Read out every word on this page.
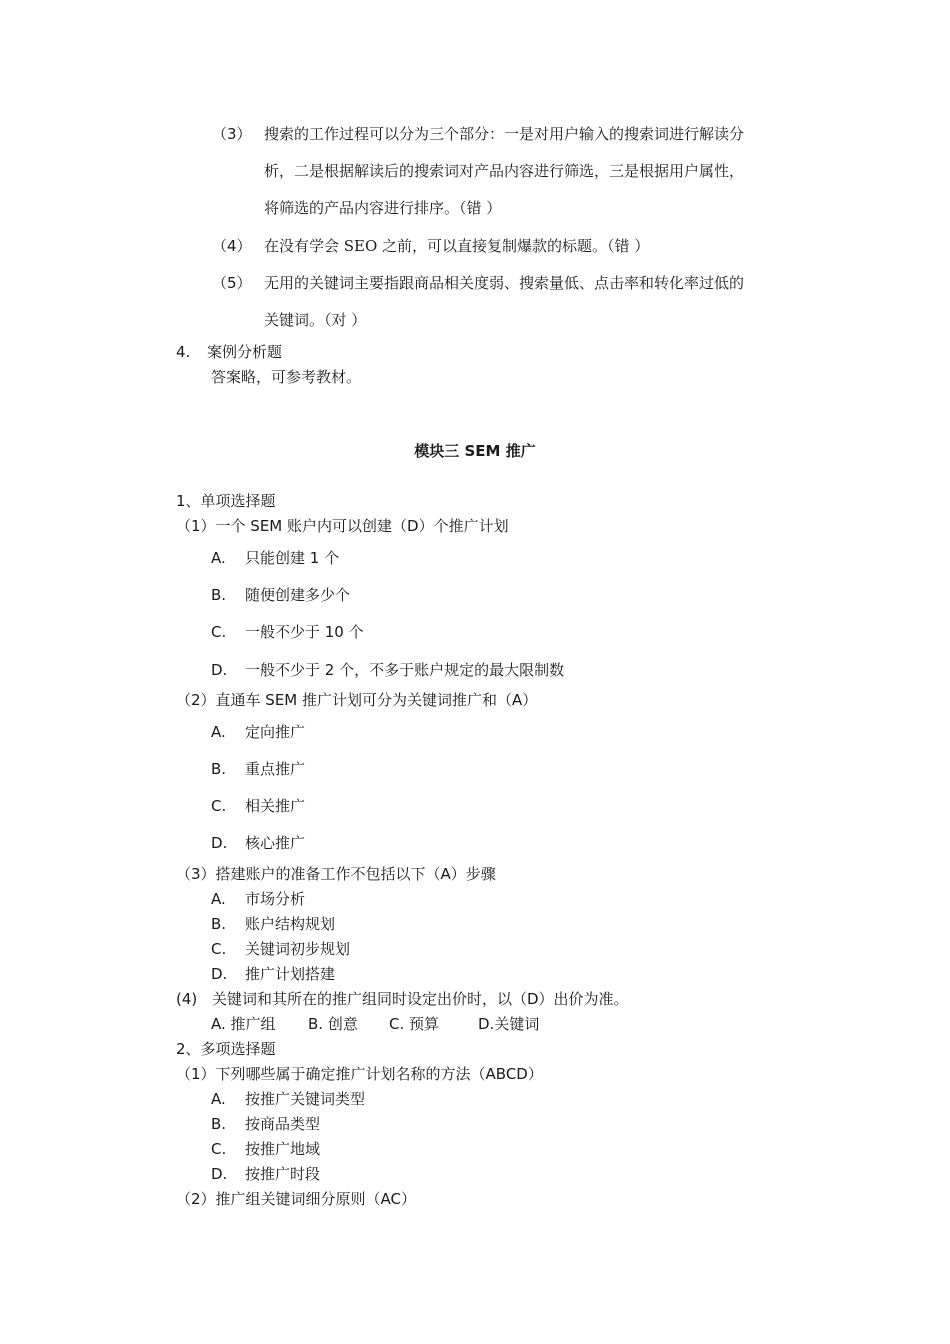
（3） 搜索的工作过程可以分为三个部分：一是对用户输入的搜索词进行解读分
析，二是根据解读后的搜索词对产品内容进行筛选，三是根据用户属性，
将筛选的产品内容进行排序。（错 ）
（4） 在没有学会 SEO 之前，可以直接复制爆款的标题。（错 ）
（5） 无用的关键词主要指跟商品相关度弱、搜索量低、点击率和转化率过低的
关键词。（对 ）
4. 案例分析题
答案略，可参考教材。
模块三 SEM 推广
1、单项选择题
（1）一个 SEM 账户内可以创建（D）个推广计划
A. 只能创建 1 个
B. 随便创建多少个
C. 一般不少于 10 个
D. 一般不少于 2 个，不多于账户规定的最大限制数
（2）直通车 SEM 推广计划可分为关键词推广和（A）
A. 定向推广
B. 重点推广
C. 相关推广
D. 核心推广
（3）搭建账户的准备工作不包括以下（A）步骤
A. 市场分析
B. 账户结构规划
C. 关键词初步规划
D. 推广计划搭建
(4) 关键词和其所在的推广组同时设定出价时，以（D）出价为准。
A. 推广组 B. 创意 C. 预算	D.关键词
2、多项选择题
（1）下列哪些属于确定推广计划名称的方法（ABCD）
A. 按推广关键词类型
B. 按商品类型
C. 按推广地域
D. 按推广时段
（2）推广组关键词细分原则（AC）
